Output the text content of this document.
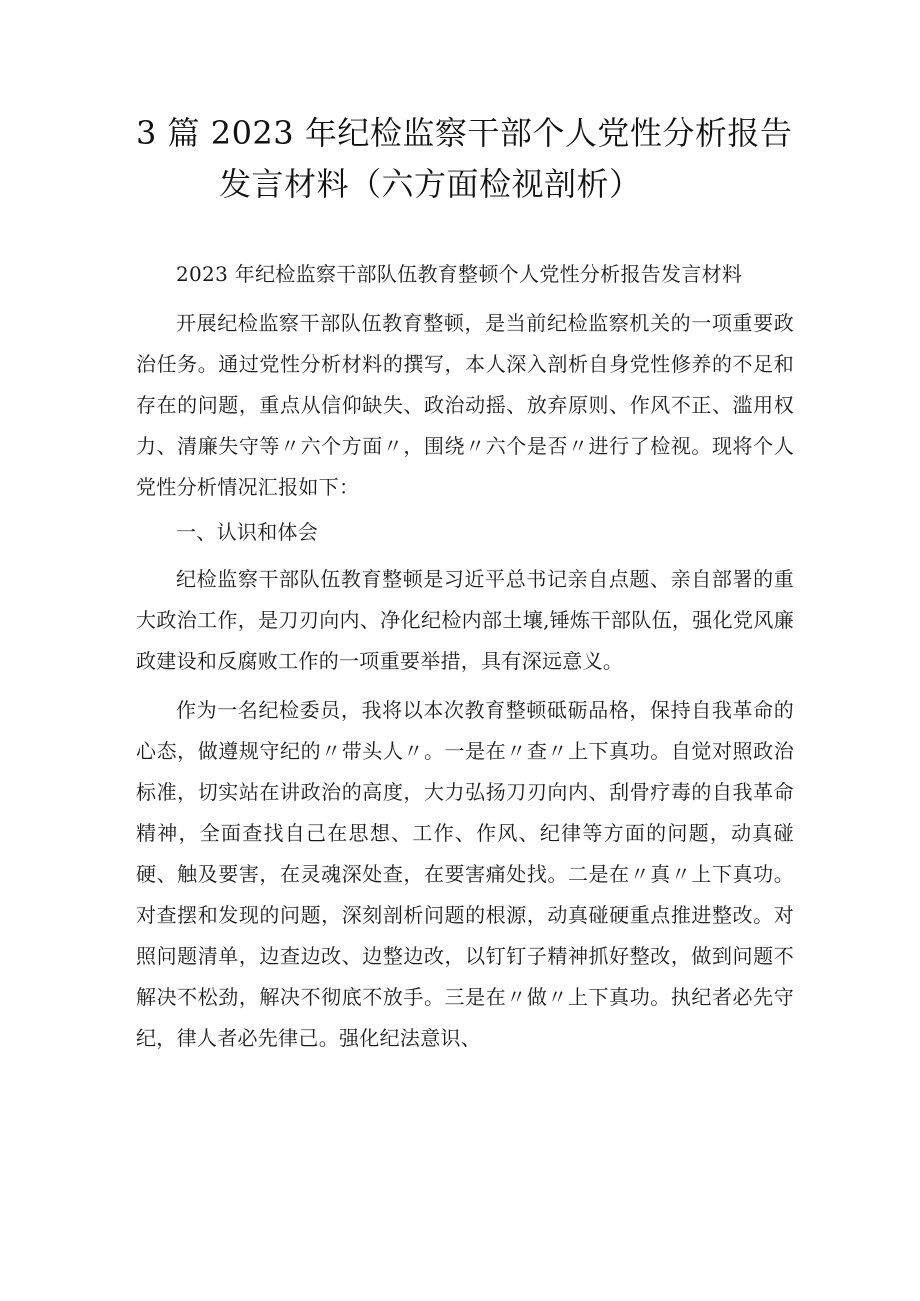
3 篇 2023 年纪检监察干部个人党性分析报告
发言材料（六方面检视剖析）

2023 年纪检监察干部队伍教育整顿个人党性分析报告发言材料

开展纪检监察干部队伍教育整顿，是当前纪检监察机关的一项重要政治任务。通过党性分析材料的撰写，本人深入剖析自身党性修养的不足和存在的问题，重点从信仰缺失、政治动摇、放弃原则、作风不正、滥用权力、清廉失守等〃六个方面〃，围绕〃六个是否〃进行了检视。现将个人党性分析情况汇报如下：

一、认识和体会

纪检监察干部队伍教育整顿是习近平总书记亲自点题、亲自部署的重大政治工作，是刀刃向内、净化纪检内部土壤,锤炼干部队伍，强化党风廉政建设和反腐败工作的一项重要举措，具有深远意义。

作为一名纪检委员，我将以本次教育整顿砥砺品格，保持自我革命的心态，做遵规守纪的〃带头人〃。一是在〃查〃上下真功。自觉对照政治标准，切实站在讲政治的高度，大力弘扬刀刃向内、刮骨疗毒的自我革命精神，全面查找自己在思想、工作、作风、纪律等方面的问题，动真碰硬、触及要害，在灵魂深处查，在要害痛处找。二是在〃真〃上下真功。对查摆和发现的问题，深刻剖析问题的根源，动真碰硬重点推进整改。对照问题清单，边查边改、边整边改，以钉钉子精神抓好整改，做到问题不解决不松劲，解决不彻底不放手。三是在〃做〃上下真功。执纪者必先守纪，律人者必先律己。强化纪法意识、
